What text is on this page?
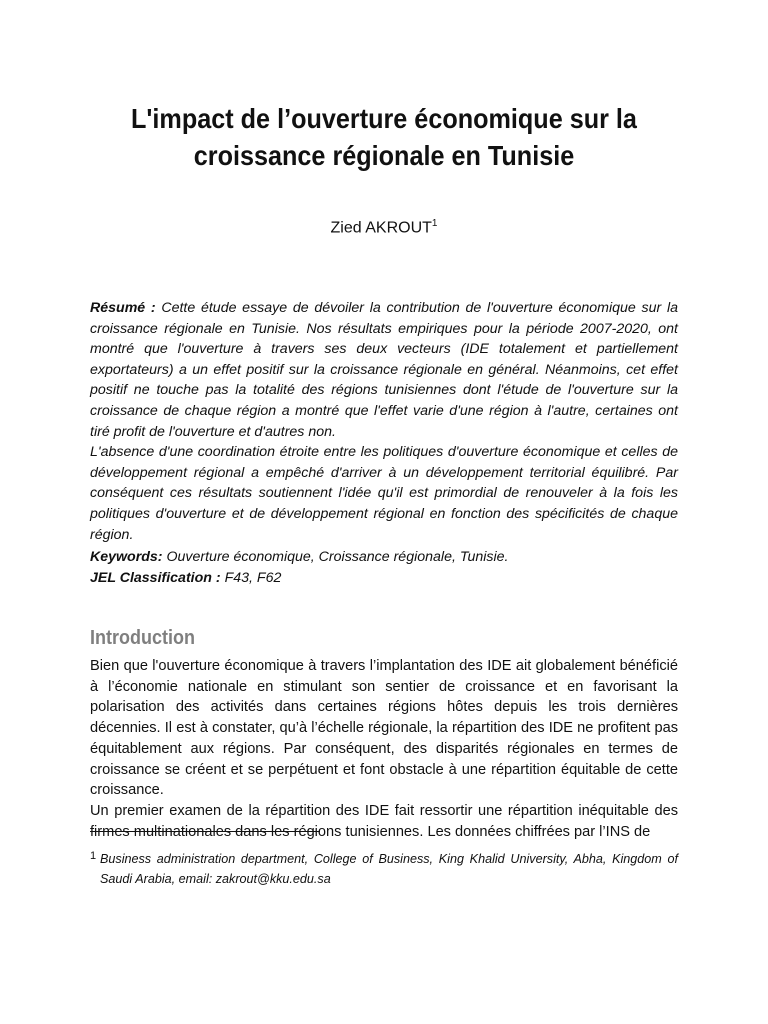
L'impact de l’ouverture économique sur la croissance régionale en Tunisie
Zied AKROUT$^1$

Résumé : Cette étude essaye de dévoiler la contribution de l'ouverture économique sur la croissance régionale en Tunisie. Nos résultats empiriques pour la période 2007-2020, ont montré que l'ouverture à travers ses deux vecteurs (IDE totalement et partiellement exportateurs) a un effet positif sur la croissance régionale en général. Néanmoins, cet effet positif ne touche pas la totalité des régions tunisiennes dont l'étude de l'ouverture sur la croissance de chaque région a montré que l'effet varie d'une région à l'autre, certaines ont tiré profit de l'ouverture et d'autres non.

L'absence d'une coordination étroite entre les politiques d'ouverture économique et celles de développement régional a empêché d'arriver à un développement territorial équilibré. Par conséquent ces résultats soutiennent l'idée qu'il est primordial de renouveler à la fois les politiques d'ouverture et de développement régional en fonction des spécificités de chaque région.

Keywords: Ouverture économique, Croissance régionale, Tunisie.

JEL Classification : F43, F62

Introduction

Bien que l'ouverture économique à travers l’implantation des IDE ait globalement bénéficié à l’économie nationale en stimulant son sentier de croissance et en favorisant la polarisation des activités dans certaines régions hôtes depuis les trois dernières décennies. Il est à constater, qu’à l’échelle régionale, la répartition des IDE ne profitent pas équitablement aux régions. Par conséquent, des disparités régionales en termes de croissance se créent et se perpétuent et font obstacle à une répartition équitable de cette croissance.

Un premier examen de la répartition des IDE fait ressortir une répartition inéquitable des firmes multinationales dans les régions tunisiennes. Les données chiffrées par l’INS de

1 Business administration department, College of Business, King Khalid University, Abha, Kingdom of Saudi Arabia, email: zakrout@kku.edu.sa
